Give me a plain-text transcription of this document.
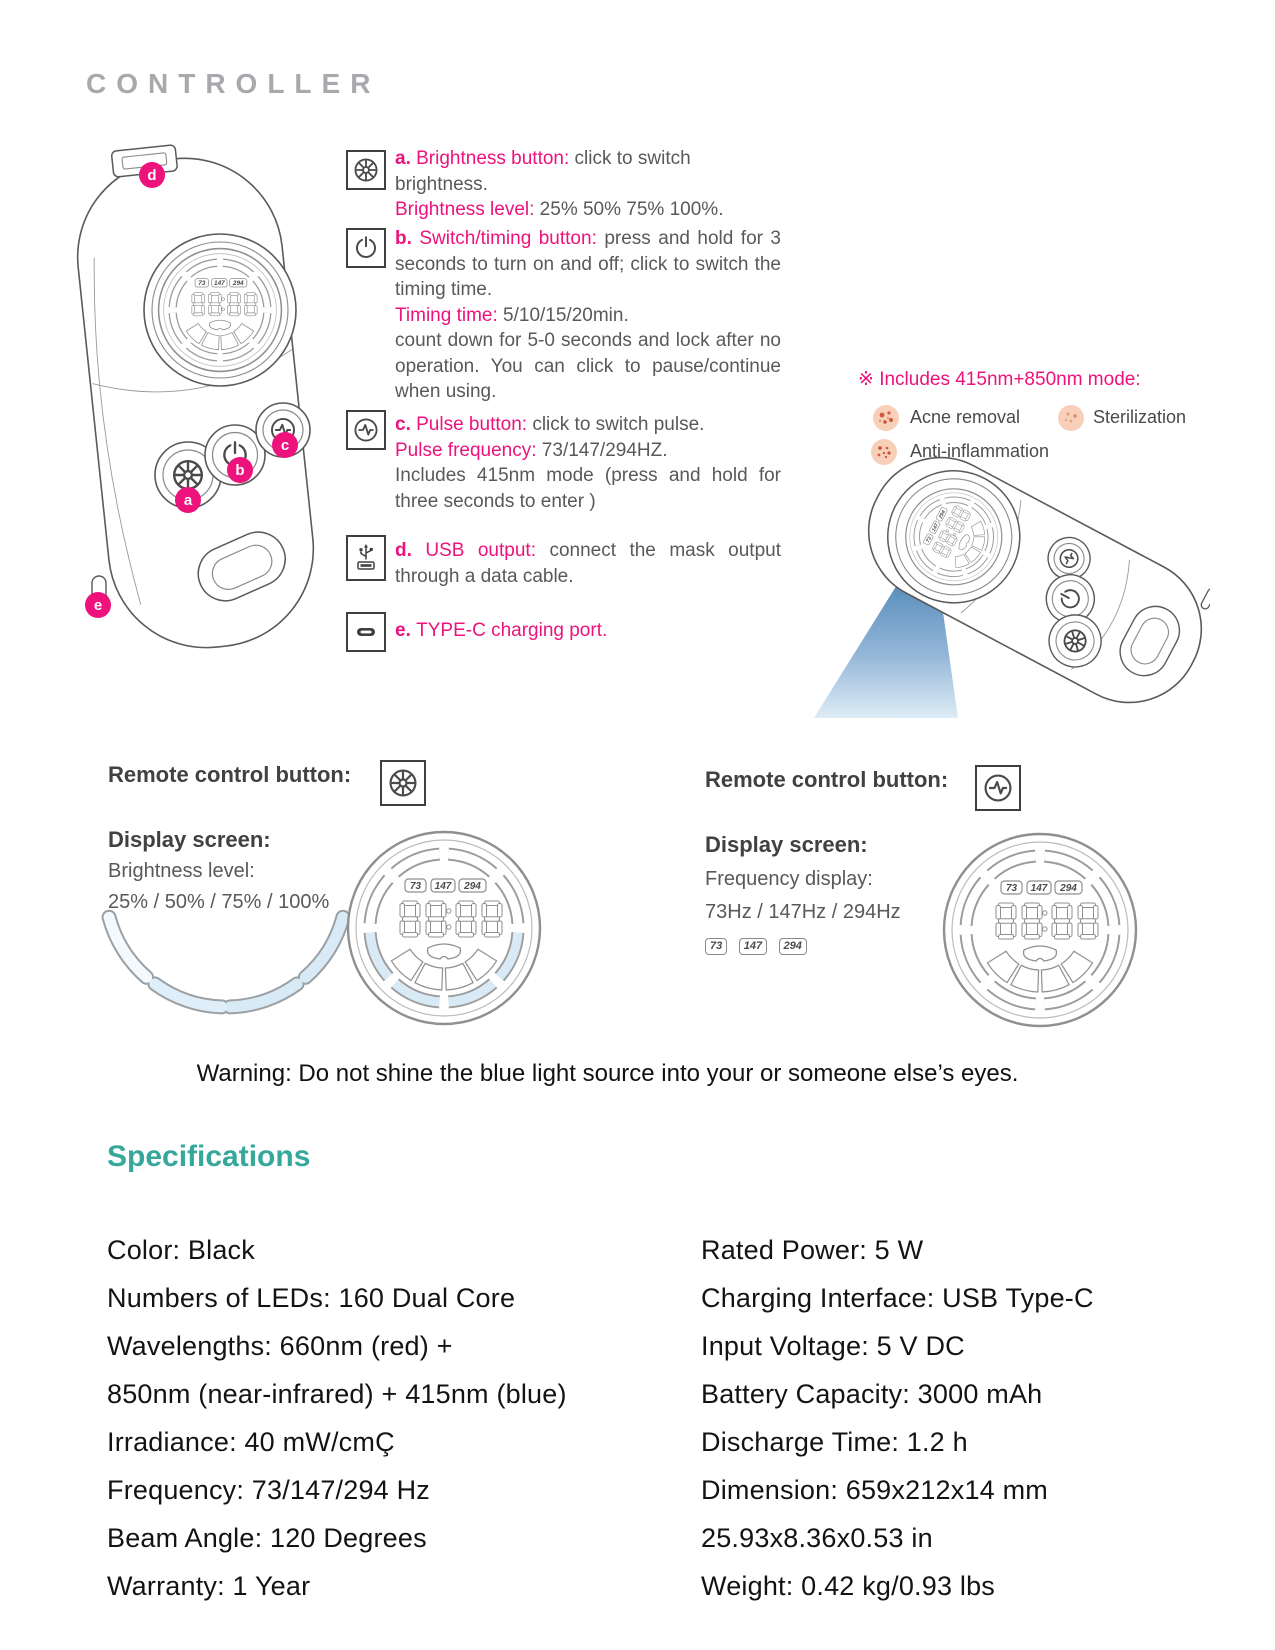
CONTROLLER
d
a
b
c
e
a. Brightness button: click to switch brightness.
Brightness level: 25% 50% 75% 100%.
b. Switch/timing button: press and hold for 3 seconds to turn on and off; click to switch the timing time.
Timing time: 5/10/15/20min.
count down for 5-0 seconds and lock after no operation. You can click to pause/continue when using.
c. Pulse button: click to switch pulse.
Pulse frequency: 73/147/294HZ.
Includes 415nm mode (press and hold for three seconds to enter )
d. USB output: connect the mask output through a data cable.
e. TYPE-C charging port.
※ Includes 415nm+850nm mode:
Acne removal	Sterilization
Anti-inflammation
Remote control button:
Display screen:
Brightness level:
25% / 50% / 75% / 100%
Remote control button:
Display screen:
Frequency display:
73Hz / 147Hz / 294Hz
73 147 294
Warning: Do not shine the blue light source into your or someone else’s eyes.
Specifications
Color: Black
Numbers of LEDs: 160 Dual Core
Wavelengths: 660nm (red) +
850nm (near-infrared) + 415nm (blue)
Irradiance: 40 mW/cmÇ
Frequency: 73/147/294 Hz
Beam Angle: 120 Degrees
Warranty: 1 Year
Rated Power: 5 W
Charging Interface: USB Type-C
Input Voltage: 5 V DC
Battery Capacity: 3000 mAh
Discharge Time: 1.2 h
Dimension: 659x212x14 mm
25.93x8.36x0.53 in
Weight: 0.42 kg/0.93 lbs
